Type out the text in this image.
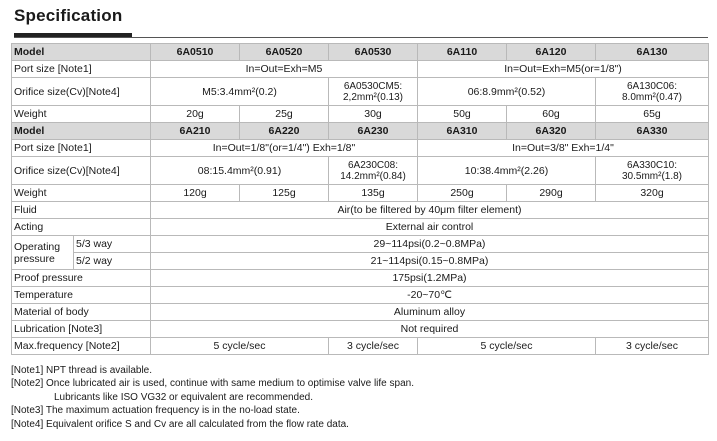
Specification
Model		6A0510	6A0520	6A0530	6A110	6A120	6A130
Port size [Note1]		In=Out=Exh=M5			In=Out=Exh=M5(or=1/8")		
Orifice size(Cv)[Note4]		M5:3.4mm²(0.2)		6A0530CM5: 2,2mm²(0.13)	06:8.9mm²(0.52)		6A130C06: 8.0mm²(0.47)
Weight		20g	25g	30g	50g	60g	65g
Model		6A210	6A220	6A230	6A310	6A320	6A330
Port size [Note1]		In=Out=1/8"(or=1/4") Exh=1/8"			In=Out=3/8" Exh=1/4"		
Orifice size(Cv)[Note4]		08:15.4mm²(0.91)		6A230C08: 14.2mm²(0.84)	10:38.4mm²(2.26)		6A330C10: 30.5mm²(1.8)
Weight		120g	125g	135g	250g	290g	320g
Fluid		Air(to be filtered by 40μm filter element)					
Acting		External air control					
Operating pressure	5/3 way	29~114psi(0.2~0.8MPa)					
	5/2 way	21~114psi(0.15~0.8MPa)					
Proof pressure		175psi(1.2MPa)					
Temperature		-20~70℃					
Material of body		Aluminum alloy					
Lubrication [Note3]		Not required					
Max.frequency [Note2]		5 cycle/sec		3 cycle/sec	5 cycle/sec		3 cycle/sec
[Note1] NPT thread is available.
[Note2] Once lubricated air is used, continue with same medium to optimise valve life span.
Lubricants like ISO VG32 or equivalent are recommended.
[Note3] The maximum actuation frequency is in the no-load state.
[Note4] Equivalent orifice S and Cv are all calculated from the flow rate data.
